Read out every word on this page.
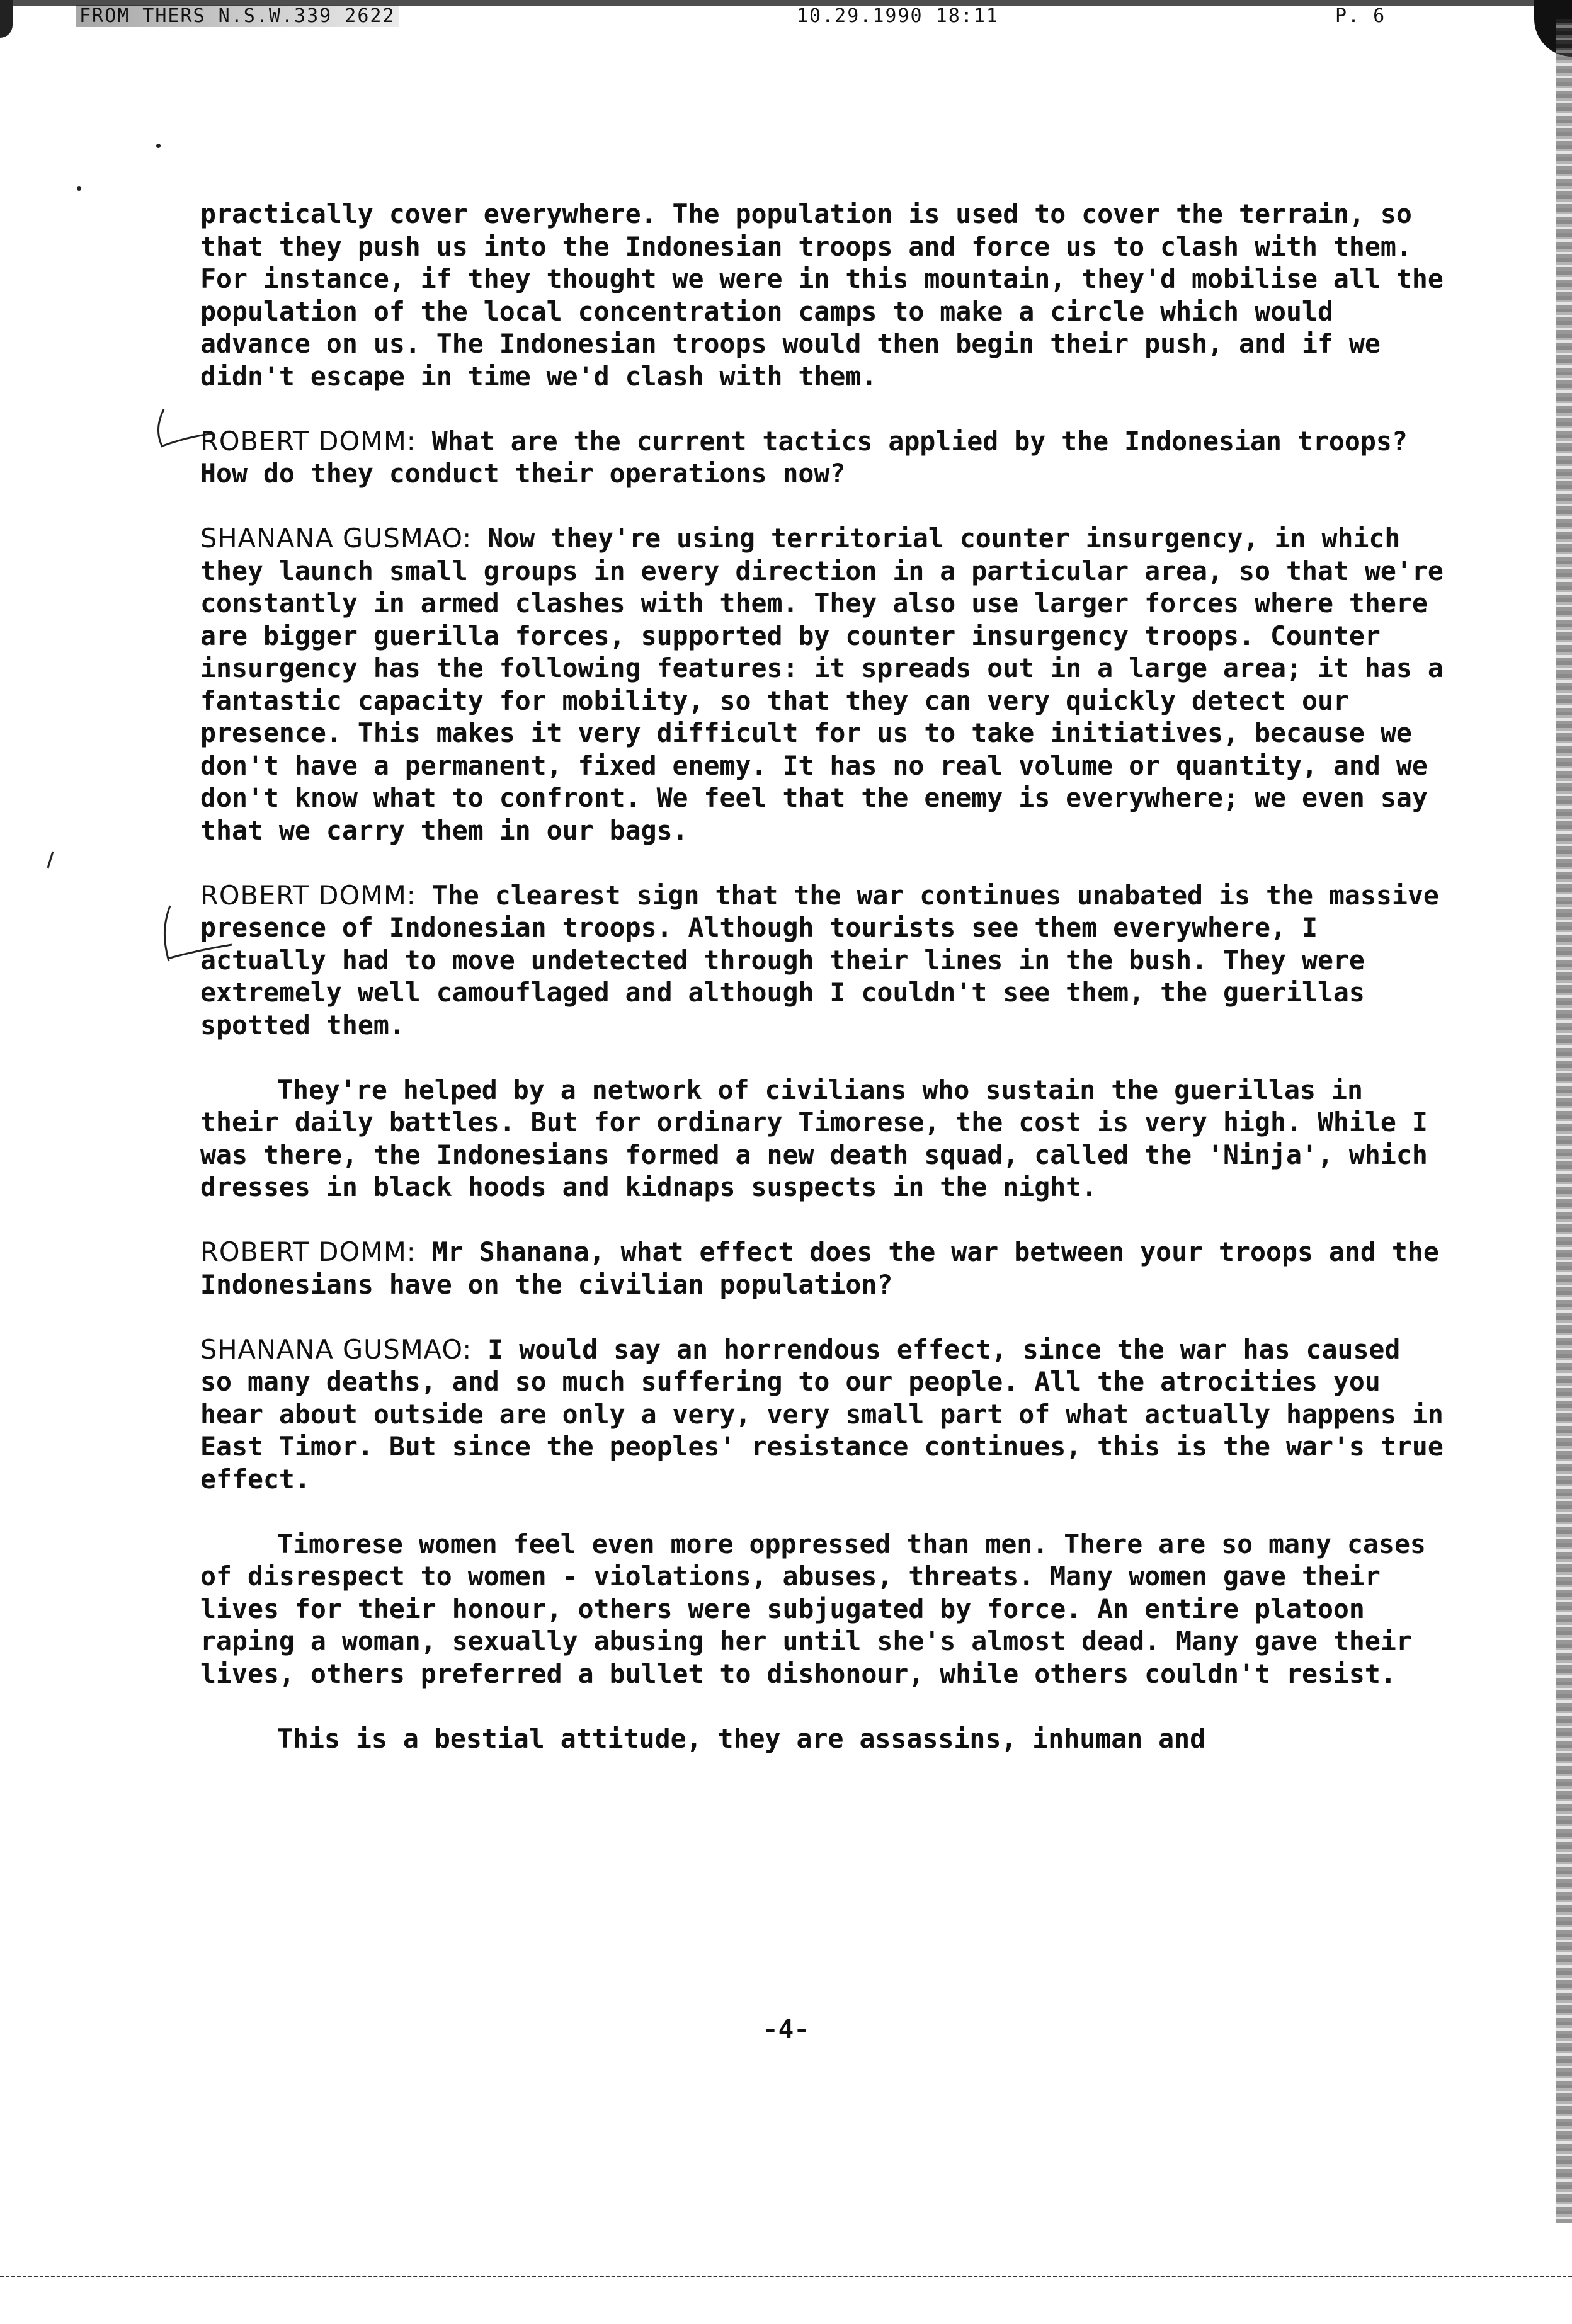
FROM THERS N.S.W.339 2622	10.29.1990 18:11	P. 6

practically cover everywhere. The population is used to cover the terrain, so that they push us into the Indonesian troops and force us to clash with them. For instance, if they thought we were in this mountain, they'd mobilise all the population of the local concentration camps to make a circle which would advance on us. The Indonesian troops would then begin their push, and if we didn't escape in time we'd clash with them.

ROBERT DOMM: What are the current tactics applied by the Indonesian troops? How do they conduct their operations now?

SHANANA GUSMAO: Now they're using territorial counter insurgency, in which they launch small groups in every direction in a particular area, so that we're constantly in armed clashes with them. They also use larger forces where there are bigger guerilla forces, supported by counter insurgency troops. Counter insurgency has the following features: it spreads out in a large area; it has a fantastic capacity for mobility, so that they can very quickly detect our presence. This makes it very difficult for us to take initiatives, because we don't have a permanent, fixed enemy. It has no real volume or quantity, and we don't know what to confront. We feel that the enemy is everywhere; we even say that we carry them in our bags.

ROBERT DOMM: The clearest sign that the war continues unabated is the massive presence of Indonesian troops. Although tourists see them everywhere, I actually had to move undetected through their lines in the bush. They were extremely well camouflaged and although I couldn't see them, the guerillas spotted them.

They're helped by a network of civilians who sustain the guerillas in their daily battles. But for ordinary Timorese, the cost is very high. While I was there, the Indonesians formed a new death squad, called the 'Ninja', which dresses in black hoods and kidnaps suspects in the night.

ROBERT DOMM: Mr Shanana, what effect does the war between your troops and the Indonesians have on the civilian population?

SHANANA GUSMAO: I would say an horrendous effect, since the war has caused so many deaths, and so much suffering to our people. All the atrocities you hear about outside are only a very, very small part of what actually happens in East Timor. But since the peoples' resistance continues, this is the war's true effect.

Timorese women feel even more oppressed than men. There are so many cases of disrespect to women - violations, abuses, threats. Many women gave their lives for their honour, others were subjugated by force. An entire platoon raping a woman, sexually abusing her until she's almost dead. Many gave their lives, others preferred a bullet to dishonour, while others couldn't resist.

This is a bestial attitude, they are assassins, inhuman and

-4-
